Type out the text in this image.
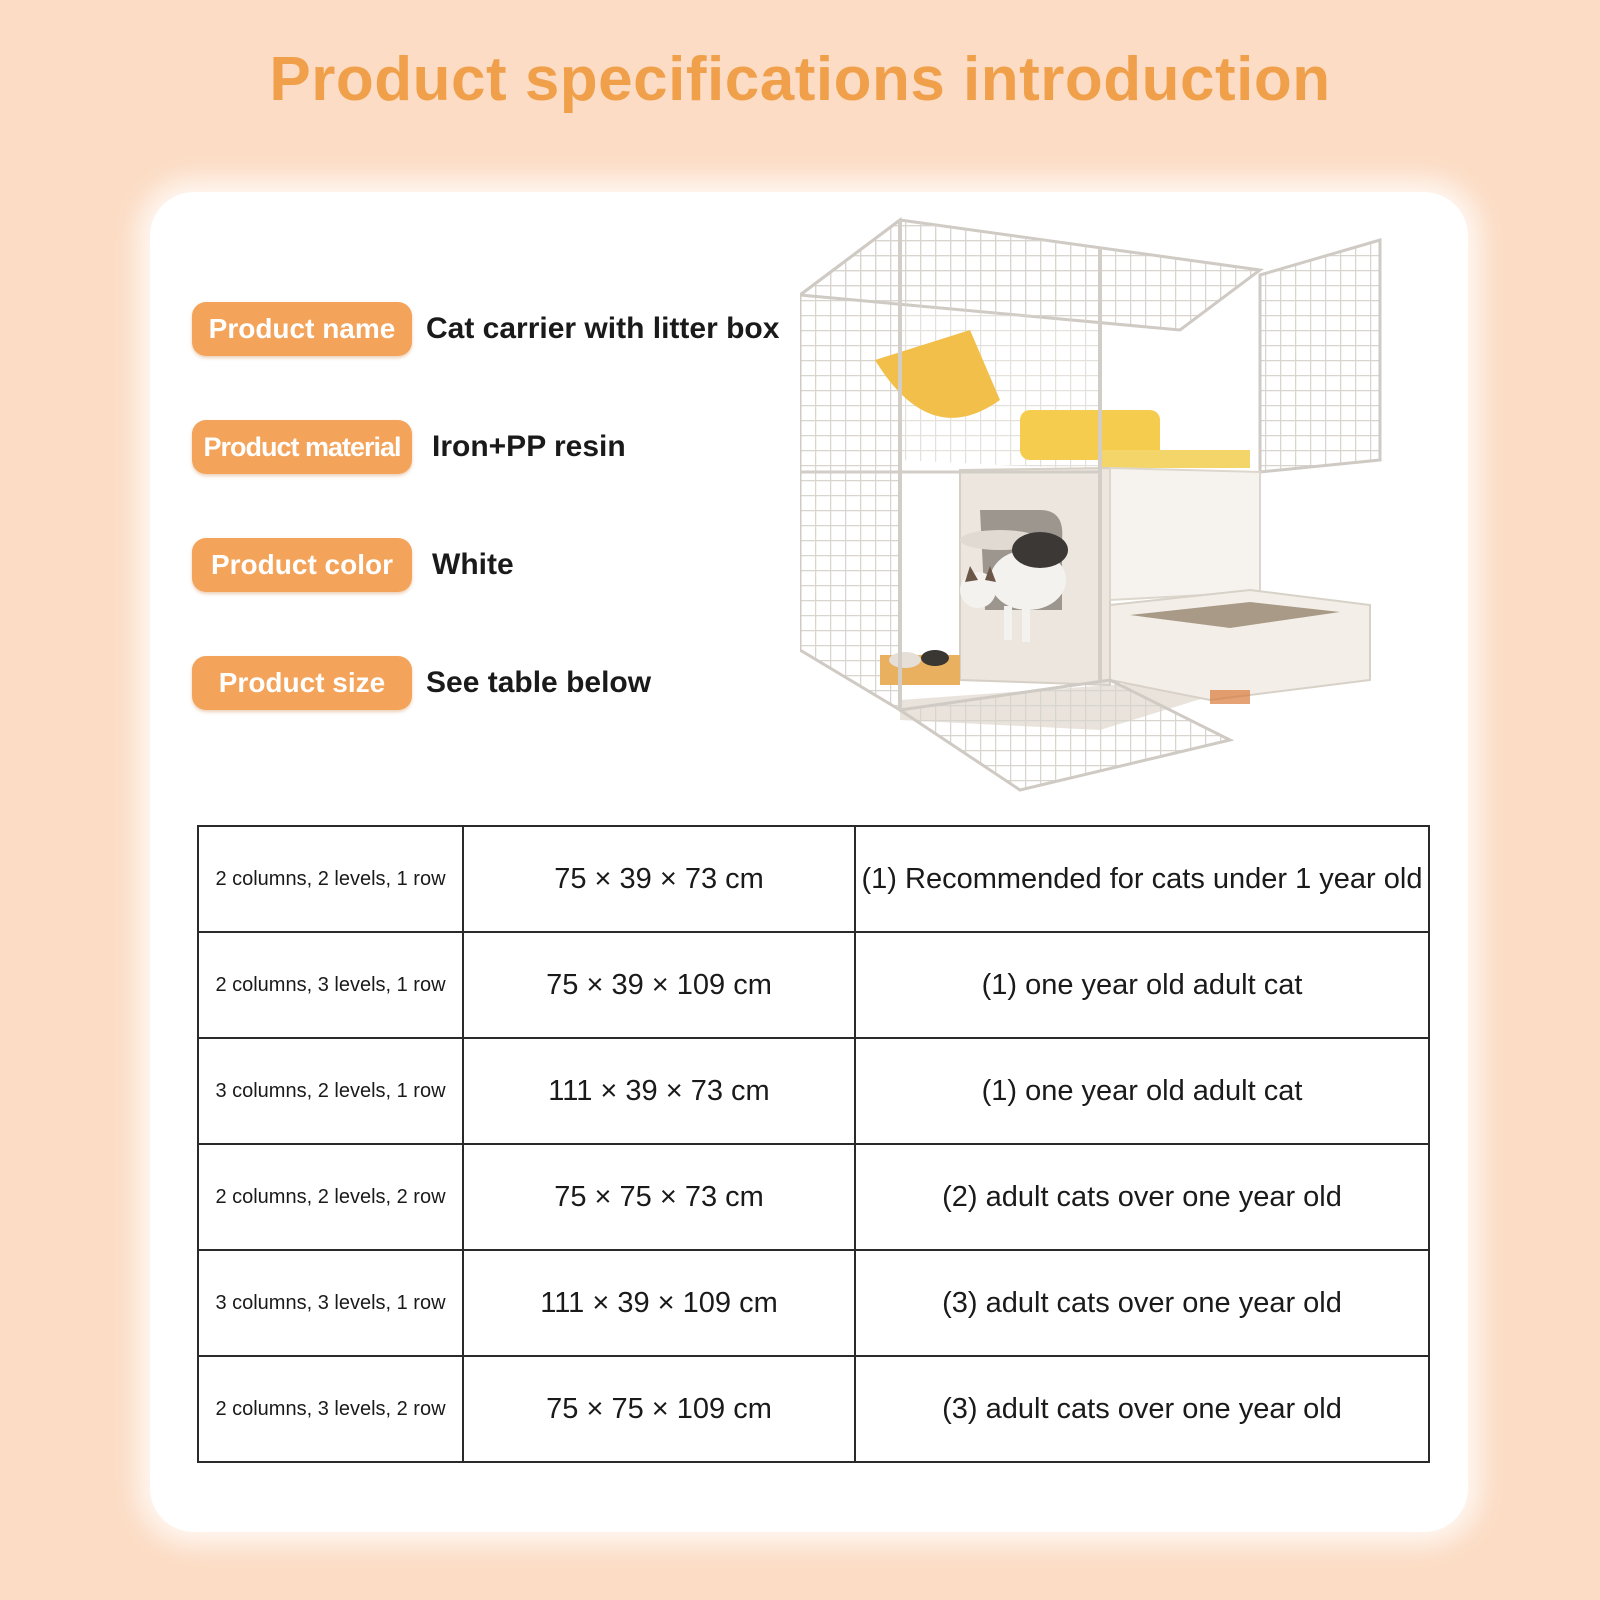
Product specifications introduction
Product name	Cat carrier with litter box
Product material	Iron+PP resin
Product color	White
Product size	See table below
2 columns, 2 levels, 1 row	75 × 39 × 73 cm	(1) Recommended for cats under 1 year old
2 columns, 3 levels, 1 row	75 × 39 × 109 cm	(1) one year old adult cat
3 columns, 2 levels, 1 row	111 × 39 × 73 cm	(1) one year old adult cat
2 columns, 2 levels, 2 row	75 × 75 × 73 cm	(2) adult cats over one year old
3 columns, 3 levels, 1 row	111 × 39 × 109 cm	(3) adult cats over one year old
2 columns, 3 levels, 2 row	75 × 75 × 109 cm	(3) adult cats over one year old
